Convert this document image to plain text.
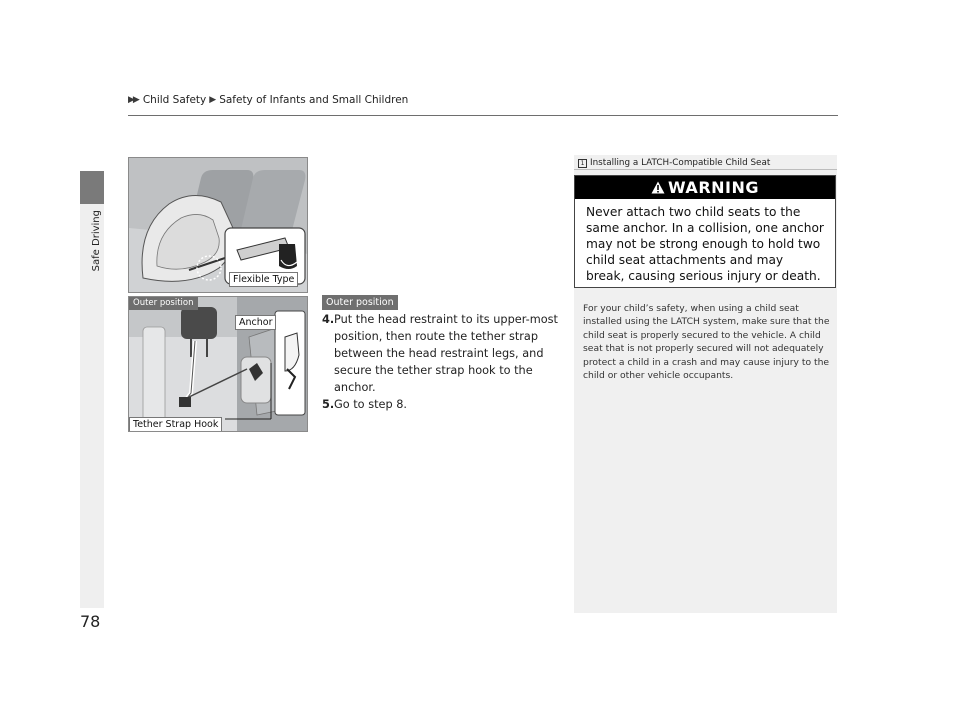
▶▶ Child Safety ▶ Safety of Infants and Small Children
Safe Driving
78
Flexible Type
Outer position
Anchor
Tether Strap Hook
Outer position
4. Put the head restraint to its upper-most position, then route the tether strap between the head restraint legs, and secure the tether strap hook to the anchor.
5. Go to step 8.
1 Installing a LATCH-Compatible Child Seat
WARNING
Never attach two child seats to the same anchor. In a collision, one anchor may not be strong enough to hold two child seat attachments and may break, causing serious injury or death.
For your child’s safety, when using a child seat installed using the LATCH system, make sure that the child seat is properly secured to the vehicle. A child seat that is not properly secured will not adequately protect a child in a crash and may cause injury to the child or other vehicle occupants.
